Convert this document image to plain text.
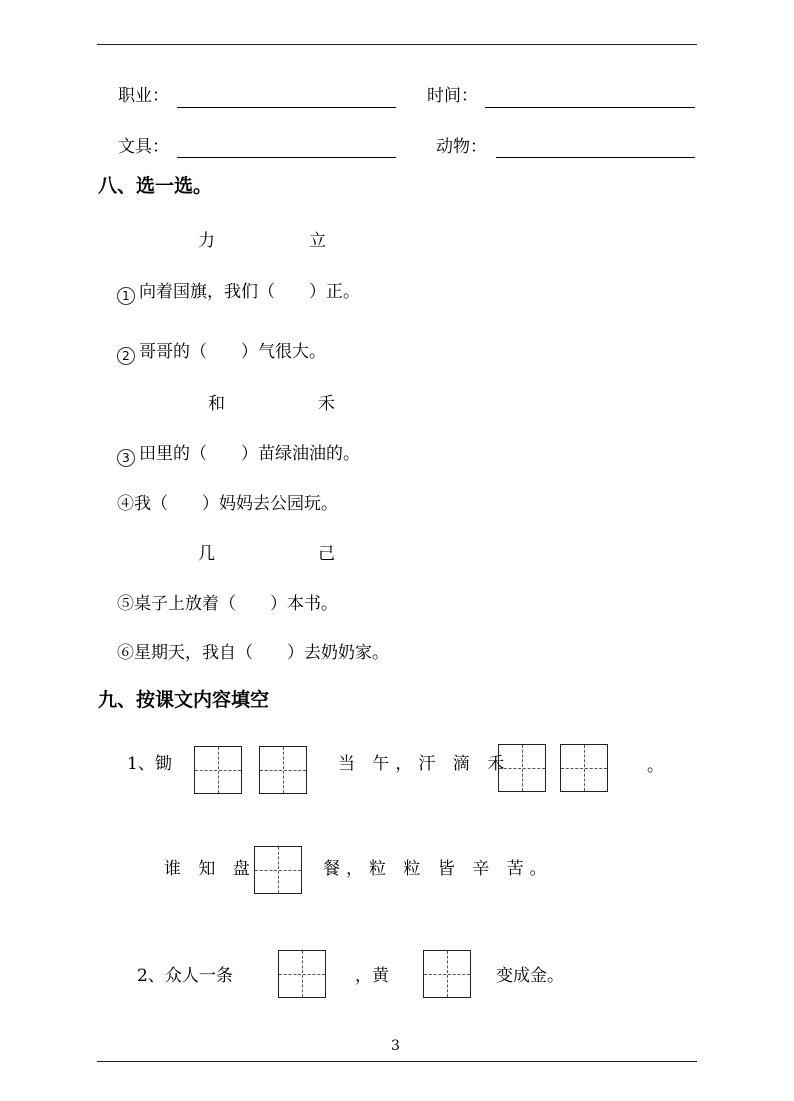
职业：	时间：
文具：	动物：
八、选一选。
力	立
1 向着国旗，我们（　　）正。
2 哥哥的（　　）气很大。
和	禾
3 田里的（　　）苗绿油油的。
④我（　　）妈妈去公园玩。
几	己
⑤桌子上放着（　　）本书。
⑥星期天，我自（　　）去奶奶家。
九、按课文内容填空
1、锄	当 午，汗 滴 禾	。
谁 知 盘	餐，粒 粒 皆 辛 苦。
2、众人一条	，黄	变成金。
3
